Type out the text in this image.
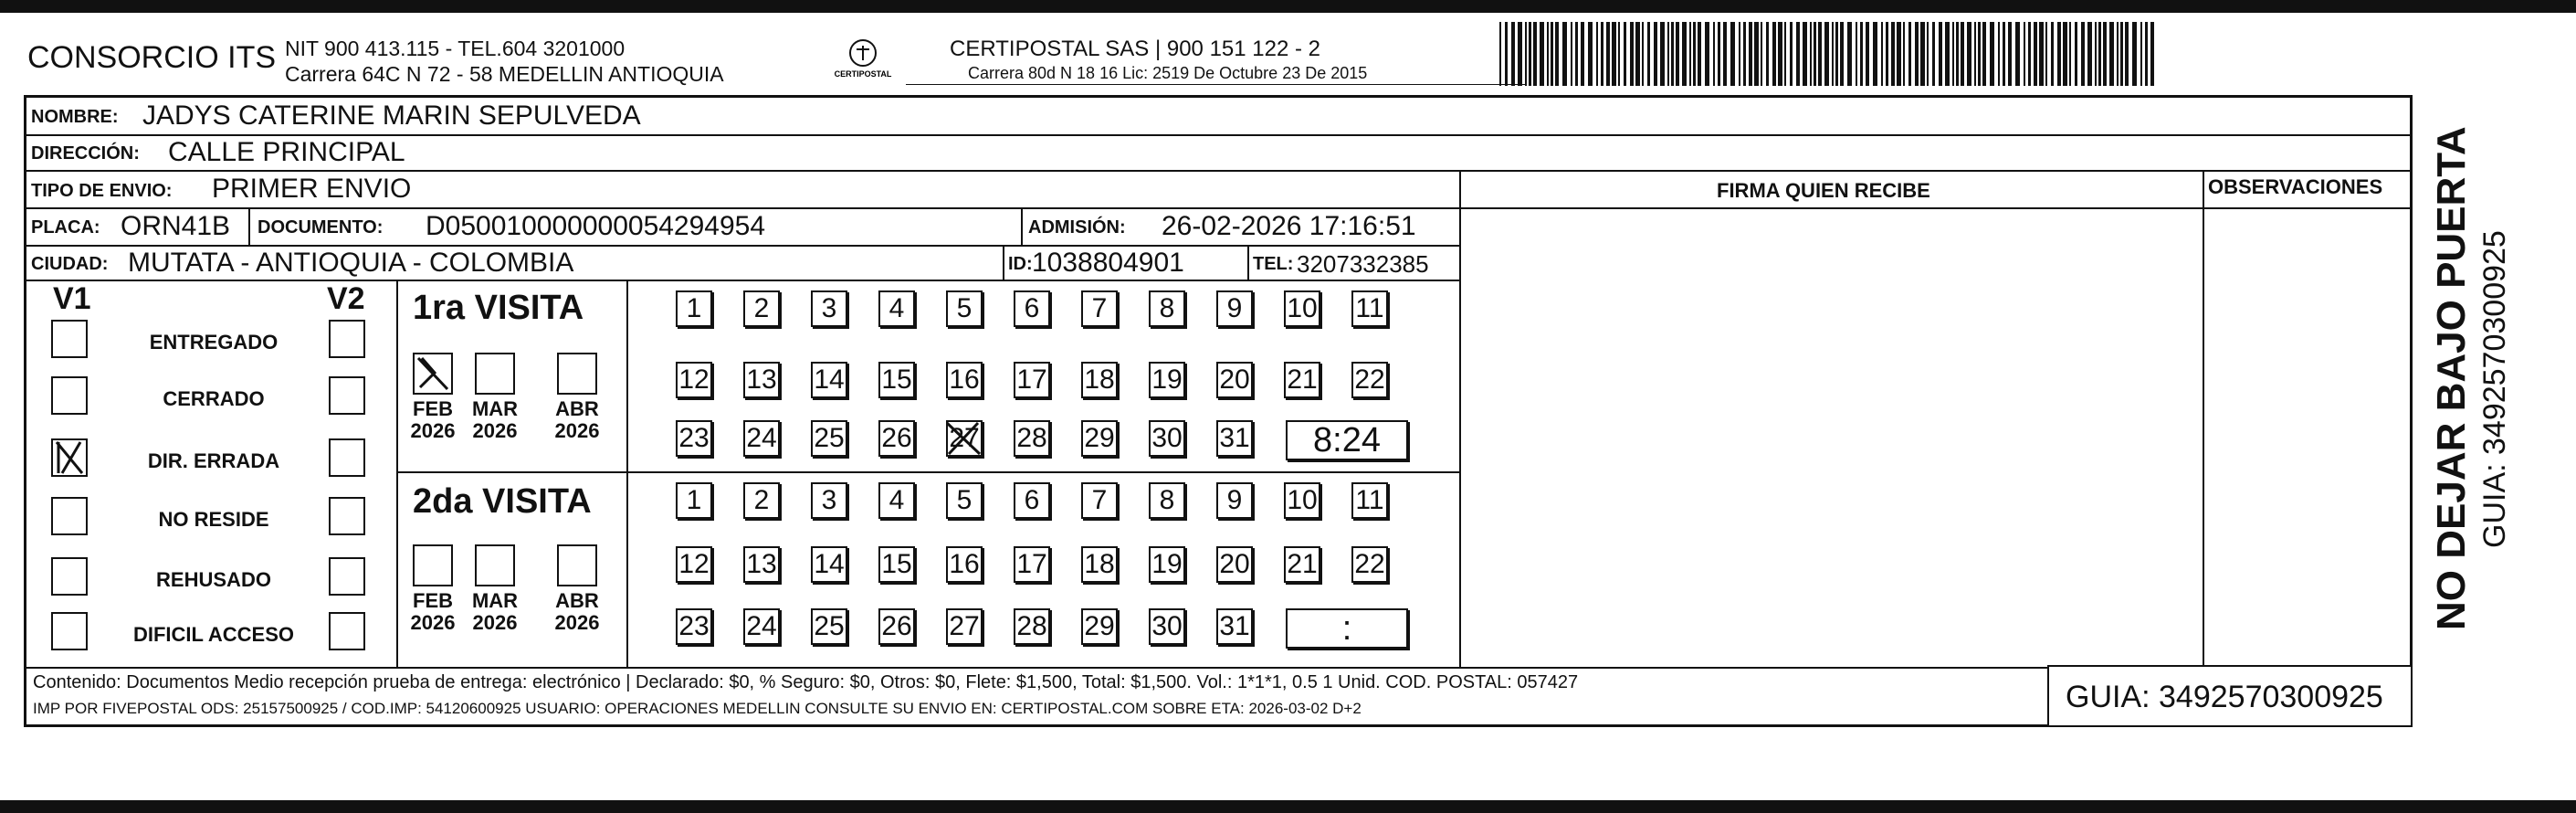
CONSORCIO ITS NIT 900 413.115 - TEL.604 3201000
Carrera 64C N 72 - 58 MEDELLIN ANTIOQUIA	CERTIPOSTAL
CERTIPOSTAL SAS | 900 151 122 - 2
Carrera 80d N 18 16 Lic: 2519 De Octubre 23 De 2015
NOMBRE: JADYS CATERINE MARIN SEPULVEDA
DIRECCIÓN: CALLE PRINCIPAL
TIPO DE ENVIO: PRIMER ENVIO
PLACA: ORN41B DOCUMENTO: D050010000000054294954	ADMISIÓN: 26-02-2026 17:16:51
CIUDAD: MUTATA - ANTIOQUIA - COLOMBIA	ID: 1038804901	TEL: 3207332385
FIRMA QUIEN RECIBE	OBSERVACIONES
V1	V2
ENTREGADO
CERRADO
DIR. ERRADA
NO RESIDE
REHUSADO
DIFICIL ACCESO
1ra VISITA
FEB
2026
MAR
2026
ABR
2026
1	2	3	4	5	6	7	8	9	10 11
12 13 14 15 16 17 18 19 20 21 22
23 24 25 26 27 28 29 30 31	8:24
2da VISITA
FEB
2026
MAR
2026
ABR
2026
1	2	3	4	5	6	7	8	9	10 11
12 13 14 15 16 17 18 19 20 21 22
23 24 25 26 27 28 29 30 31	:
Contenido: Documentos Medio recepción prueba de entrega: electrónico | Declarado: $0, % Seguro: $0, Otros: $0, Flete: $1,500, Total: $1,500. Vol.: 1*1*1, 0.5 1 Unid. COD. POSTAL: 057427
IMP POR FIVEPOSTAL ODS: 25157500925 / COD.IMP: 54120600925 USUARIO: OPERACIONES MEDELLIN CONSULTE SU ENVIO EN: CERTIPOSTAL.COM SOBRE ETA: 2026-03-02 D+2	GUIA: 3492570300925
NO DEJAR BAJO PUERTA GUIA: 3492570300925
